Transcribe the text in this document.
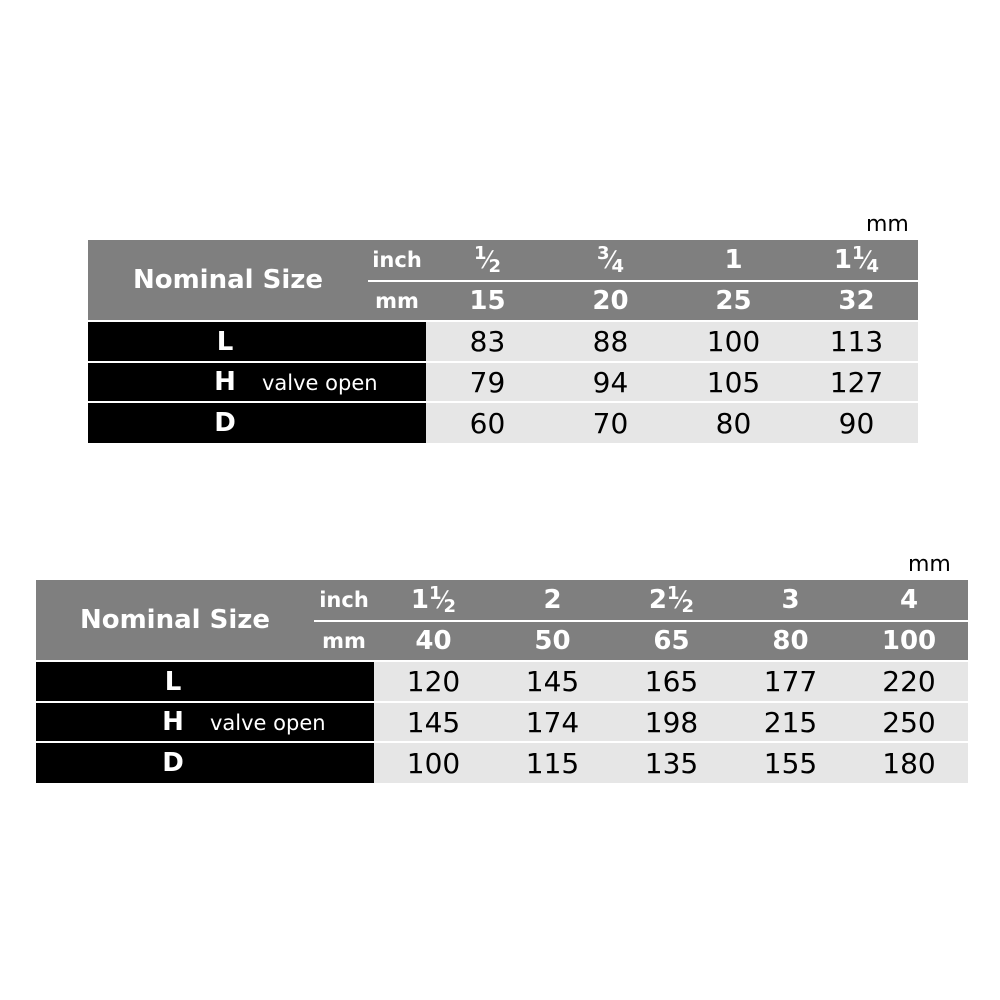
mm
Nominal Size	inch	1⁄2	3⁄4	1	11⁄4
	mm	15	20	25	32
L		83	88	100	113
H valve open		79	94	105	127
D		60	70	80	90
mm
Nominal Size	inch	11⁄2	2	21⁄2	3	4
	mm	40	50	65	80	100
L		120	145	165	177	220
H valve open		145	174	198	215	250
D		100	115	135	155	180
